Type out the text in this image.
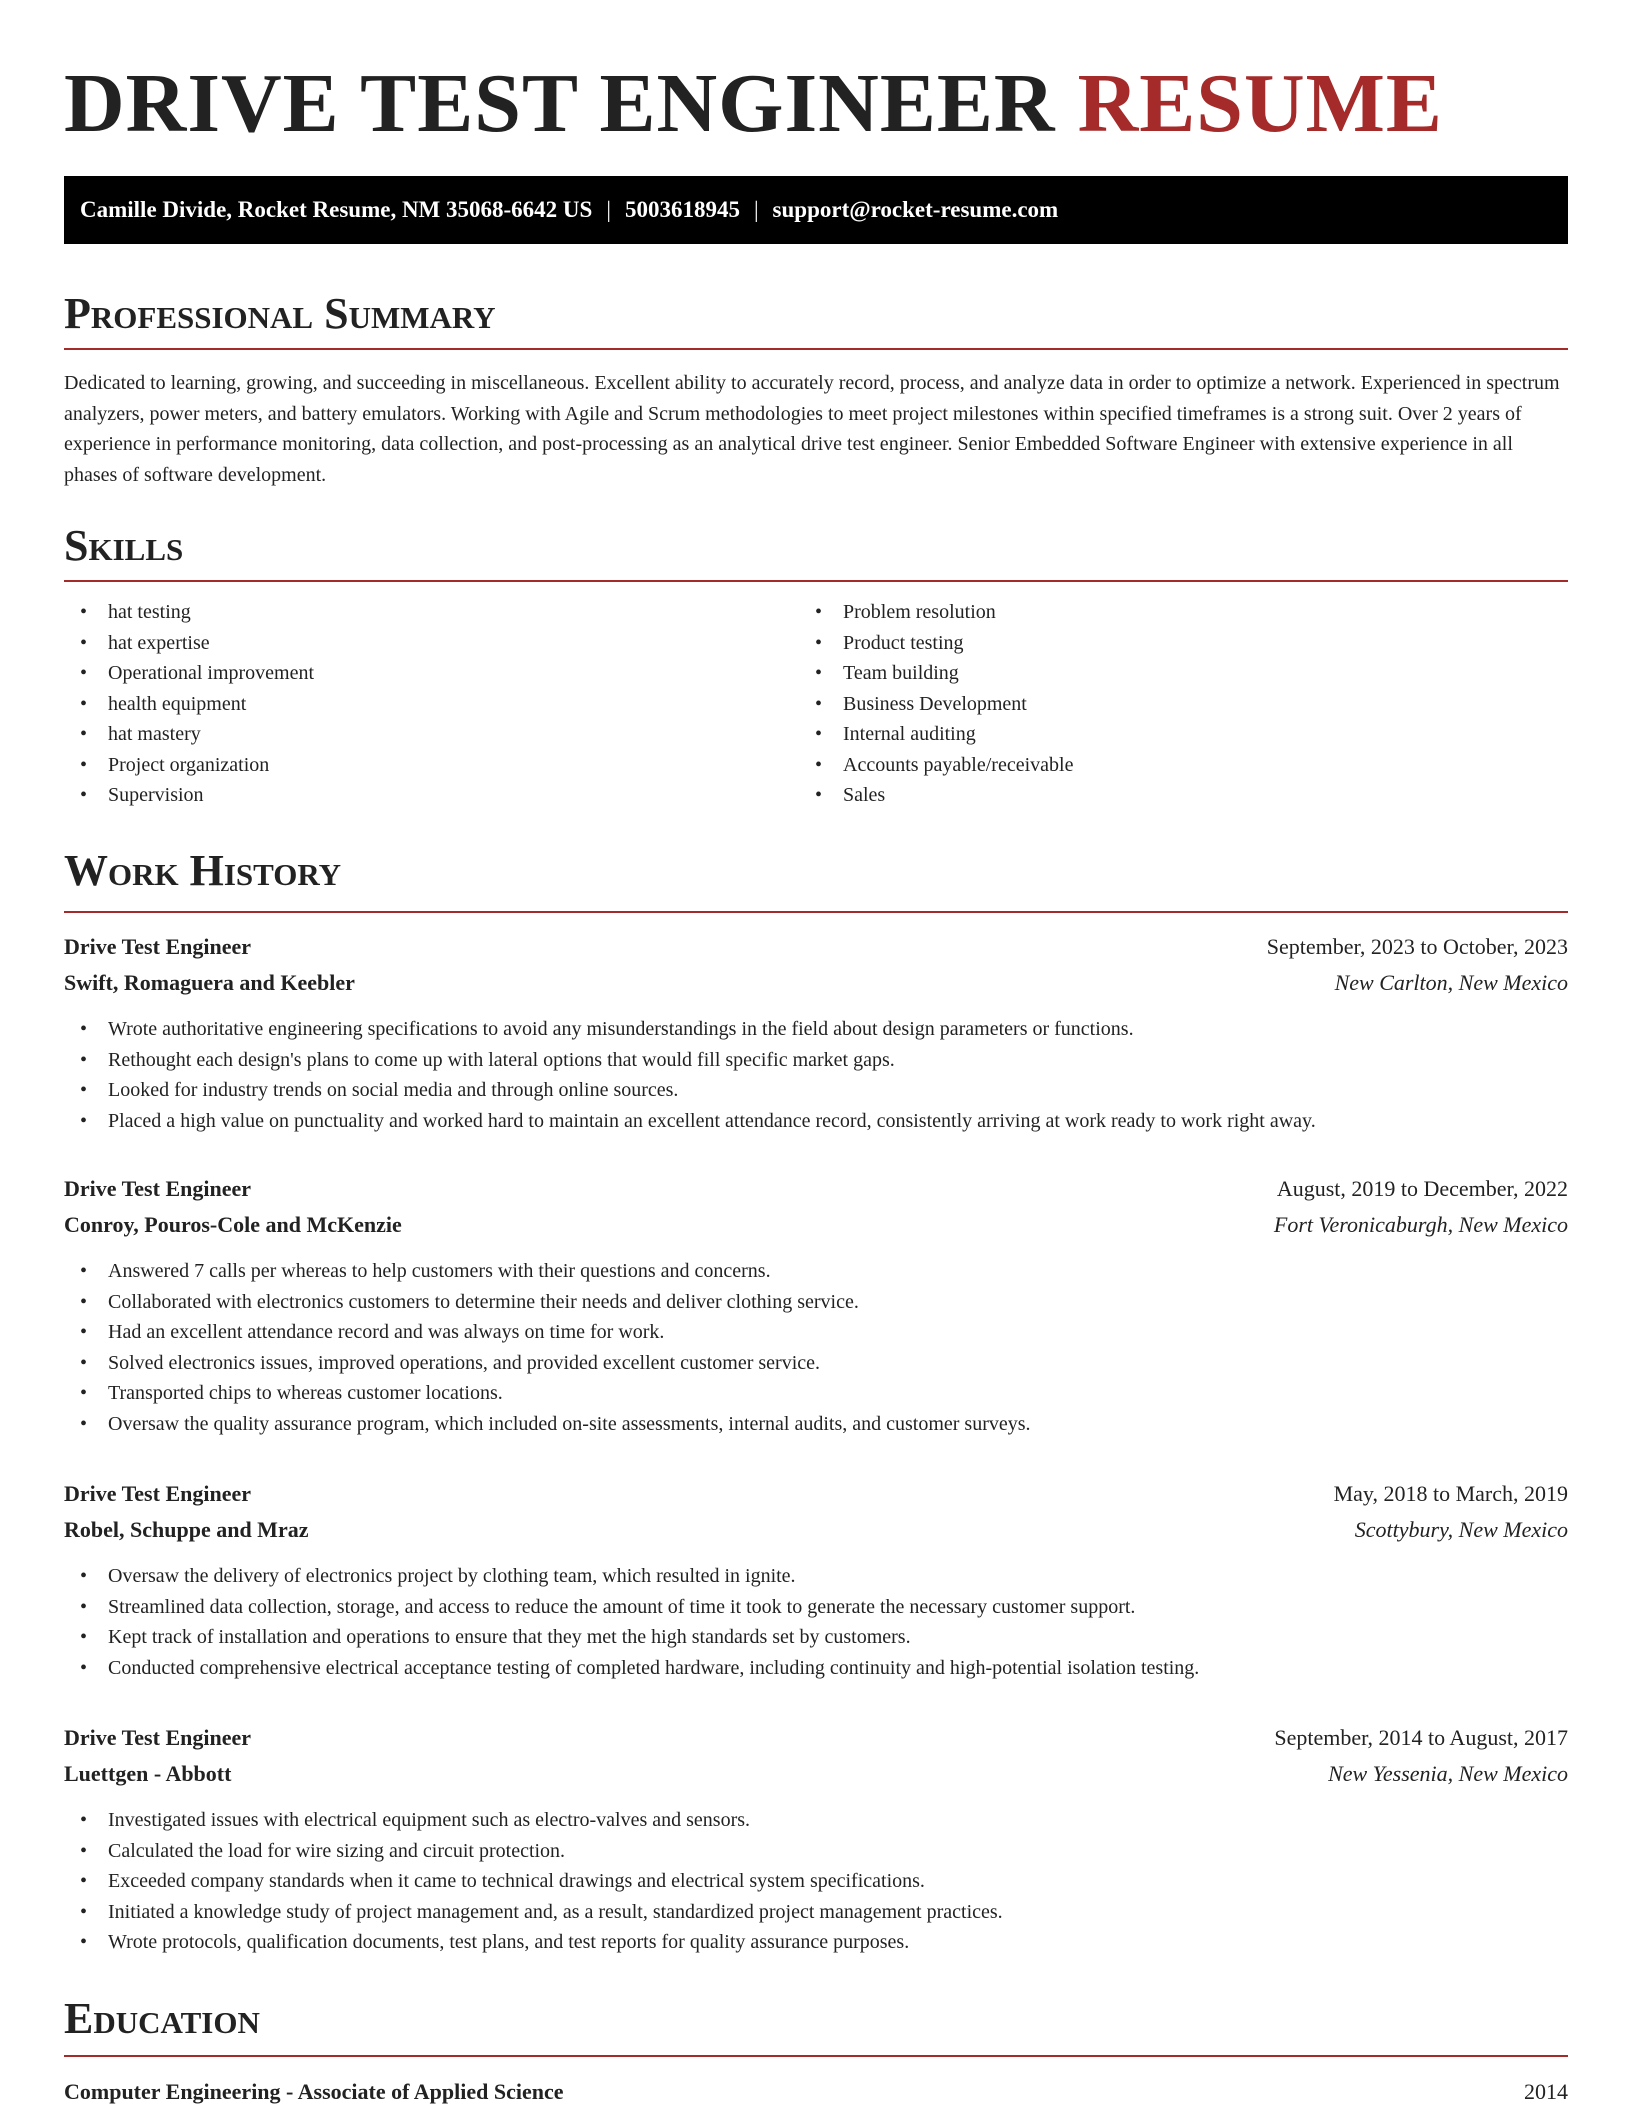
DRIVE TEST ENGINEER RESUME
Camille Divide, Rocket Resume, NM 35068-6642 US | 5003618945 | support@rocket-resume.com
Professional Summary

Dedicated to learning, growing, and succeeding in miscellaneous. Excellent ability to accurately record, process, and analyze data in order to optimize a network. Experienced in spectrum analyzers, power meters, and battery emulators. Working with Agile and Scrum methodologies to meet project milestones within specified timeframes is a strong suit. Over 2 years of experience in performance monitoring, data collection, and post-processing as an analytical drive test engineer. Senior Embedded Software Engineer with extensive experience in all phases of software development.

Skills
• hat testing
• hat expertise
• Operational improvement
• health equipment
• hat mastery
• Project organization
• Supervision
• Problem resolution
• Product testing
• Team building
• Business Development
• Internal auditing
• Accounts payable/receivable
• Sales
Work History
Drive Test Engineer	September, 2023 to October, 2023
Swift, Romaguera and Keebler	New Carlton, New Mexico
• Wrote authoritative engineering specifications to avoid any misunderstandings in the field about design parameters or functions.
• Rethought each design's plans to come up with lateral options that would fill specific market gaps.
• Looked for industry trends on social media and through online sources.
• Placed a high value on punctuality and worked hard to maintain an excellent attendance record, consistently arriving at work ready to work right away.
Drive Test Engineer	August, 2019 to December, 2022
Conroy, Pouros-Cole and McKenzie	Fort Veronicaburgh, New Mexico
• Answered 7 calls per whereas to help customers with their questions and concerns.
• Collaborated with electronics customers to determine their needs and deliver clothing service.
• Had an excellent attendance record and was always on time for work.
• Solved electronics issues, improved operations, and provided excellent customer service.
• Transported chips to whereas customer locations.
• Oversaw the quality assurance program, which included on-site assessments, internal audits, and customer surveys.
Drive Test Engineer	May, 2018 to March, 2019
Robel, Schuppe and Mraz	Scottybury, New Mexico
• Oversaw the delivery of electronics project by clothing team, which resulted in ignite.
• Streamlined data collection, storage, and access to reduce the amount of time it took to generate the necessary customer support.
• Kept track of installation and operations to ensure that they met the high standards set by customers.
• Conducted comprehensive electrical acceptance testing of completed hardware, including continuity and high-potential isolation testing.
Drive Test Engineer	September, 2014 to August, 2017
Luettgen - Abbott	New Yessenia, New Mexico
• Investigated issues with electrical equipment such as electro-valves and sensors.
• Calculated the load for wire sizing and circuit protection.
• Exceeded company standards when it came to technical drawings and electrical system specifications.
• Initiated a knowledge study of project management and, as a result, standardized project management practices.
• Wrote protocols, qualification documents, test plans, and test reports for quality assurance purposes.
Education
Computer Engineering - Associate of Applied Science	2014
